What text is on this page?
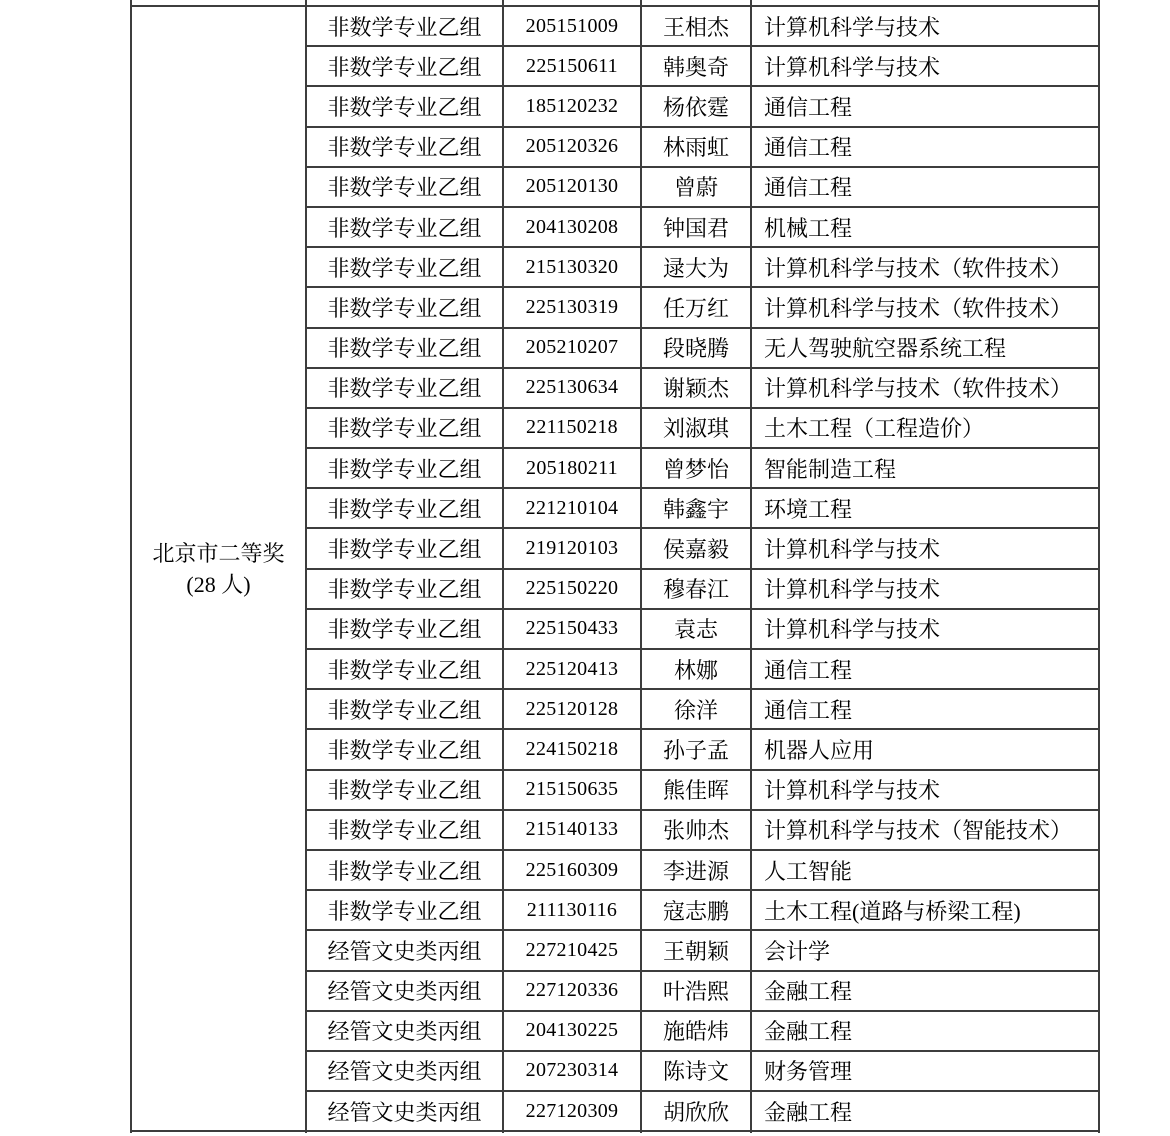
北京市二等奖
(28 人)	非数学专业乙组	205151009	王相杰	计算机科学与技术
	非数学专业乙组	225150611	韩奥奇	计算机科学与技术
	非数学专业乙组	185120232	杨依霆	通信工程
	非数学专业乙组	205120326	林雨虹	通信工程
	非数学专业乙组	205120130	曾蔚	通信工程
	非数学专业乙组	204130208	钟国君	机械工程
	非数学专业乙组	215130320	逯大为	计算机科学与技术（软件技术）
	非数学专业乙组	225130319	任万红	计算机科学与技术（软件技术）
	非数学专业乙组	205210207	段晓腾	无人驾驶航空器系统工程
	非数学专业乙组	225130634	谢颖杰	计算机科学与技术（软件技术）
	非数学专业乙组	221150218	刘淑琪	土木工程（工程造价）
	非数学专业乙组	205180211	曾梦怡	智能制造工程
	非数学专业乙组	221210104	韩鑫宇	环境工程
	非数学专业乙组	219120103	侯嘉毅	计算机科学与技术
	非数学专业乙组	225150220	穆春江	计算机科学与技术
	非数学专业乙组	225150433	袁志	计算机科学与技术
	非数学专业乙组	225120413	林娜	通信工程
	非数学专业乙组	225120128	徐洋	通信工程
	非数学专业乙组	224150218	孙子孟	机器人应用
	非数学专业乙组	215150635	熊佳晖	计算机科学与技术
	非数学专业乙组	215140133	张帅杰	计算机科学与技术（智能技术）
	非数学专业乙组	225160309	李进源	人工智能
	非数学专业乙组	211130116	寇志鹏	土木工程(道路与桥梁工程)
	经管文史类丙组	227210425	王朝颖	会计学
	经管文史类丙组	227120336	叶浩熙	金融工程
	经管文史类丙组	204130225	施皓炜	金融工程
	经管文史类丙组	207230314	陈诗文	财务管理
	经管文史类丙组	227120309	胡欣欣	金融工程
